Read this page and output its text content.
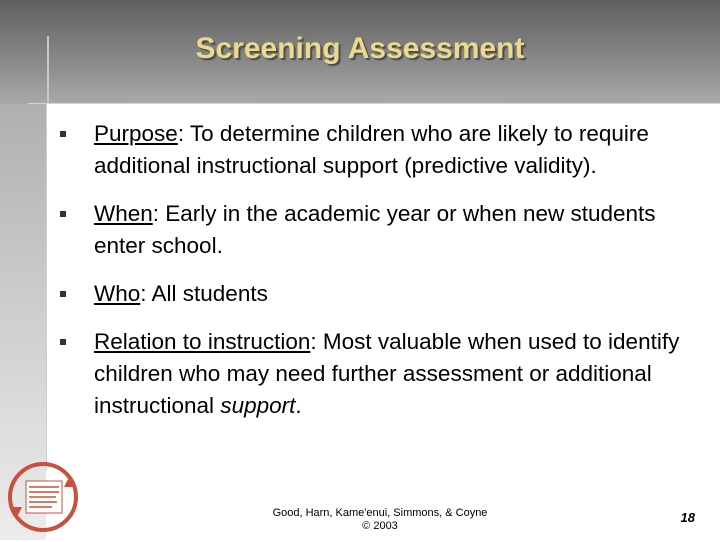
Screening Assessment
Purpose: To determine children who are likely to require additional instructional support (predictive validity).
When: Early in the academic year or when new students enter school.
Who: All students
Relation to instruction: Most valuable when used to identify children who may need further assessment or additional instructional support.
Good, Harn, Kame'enui, Simmons, & Coyne
© 2003
18
